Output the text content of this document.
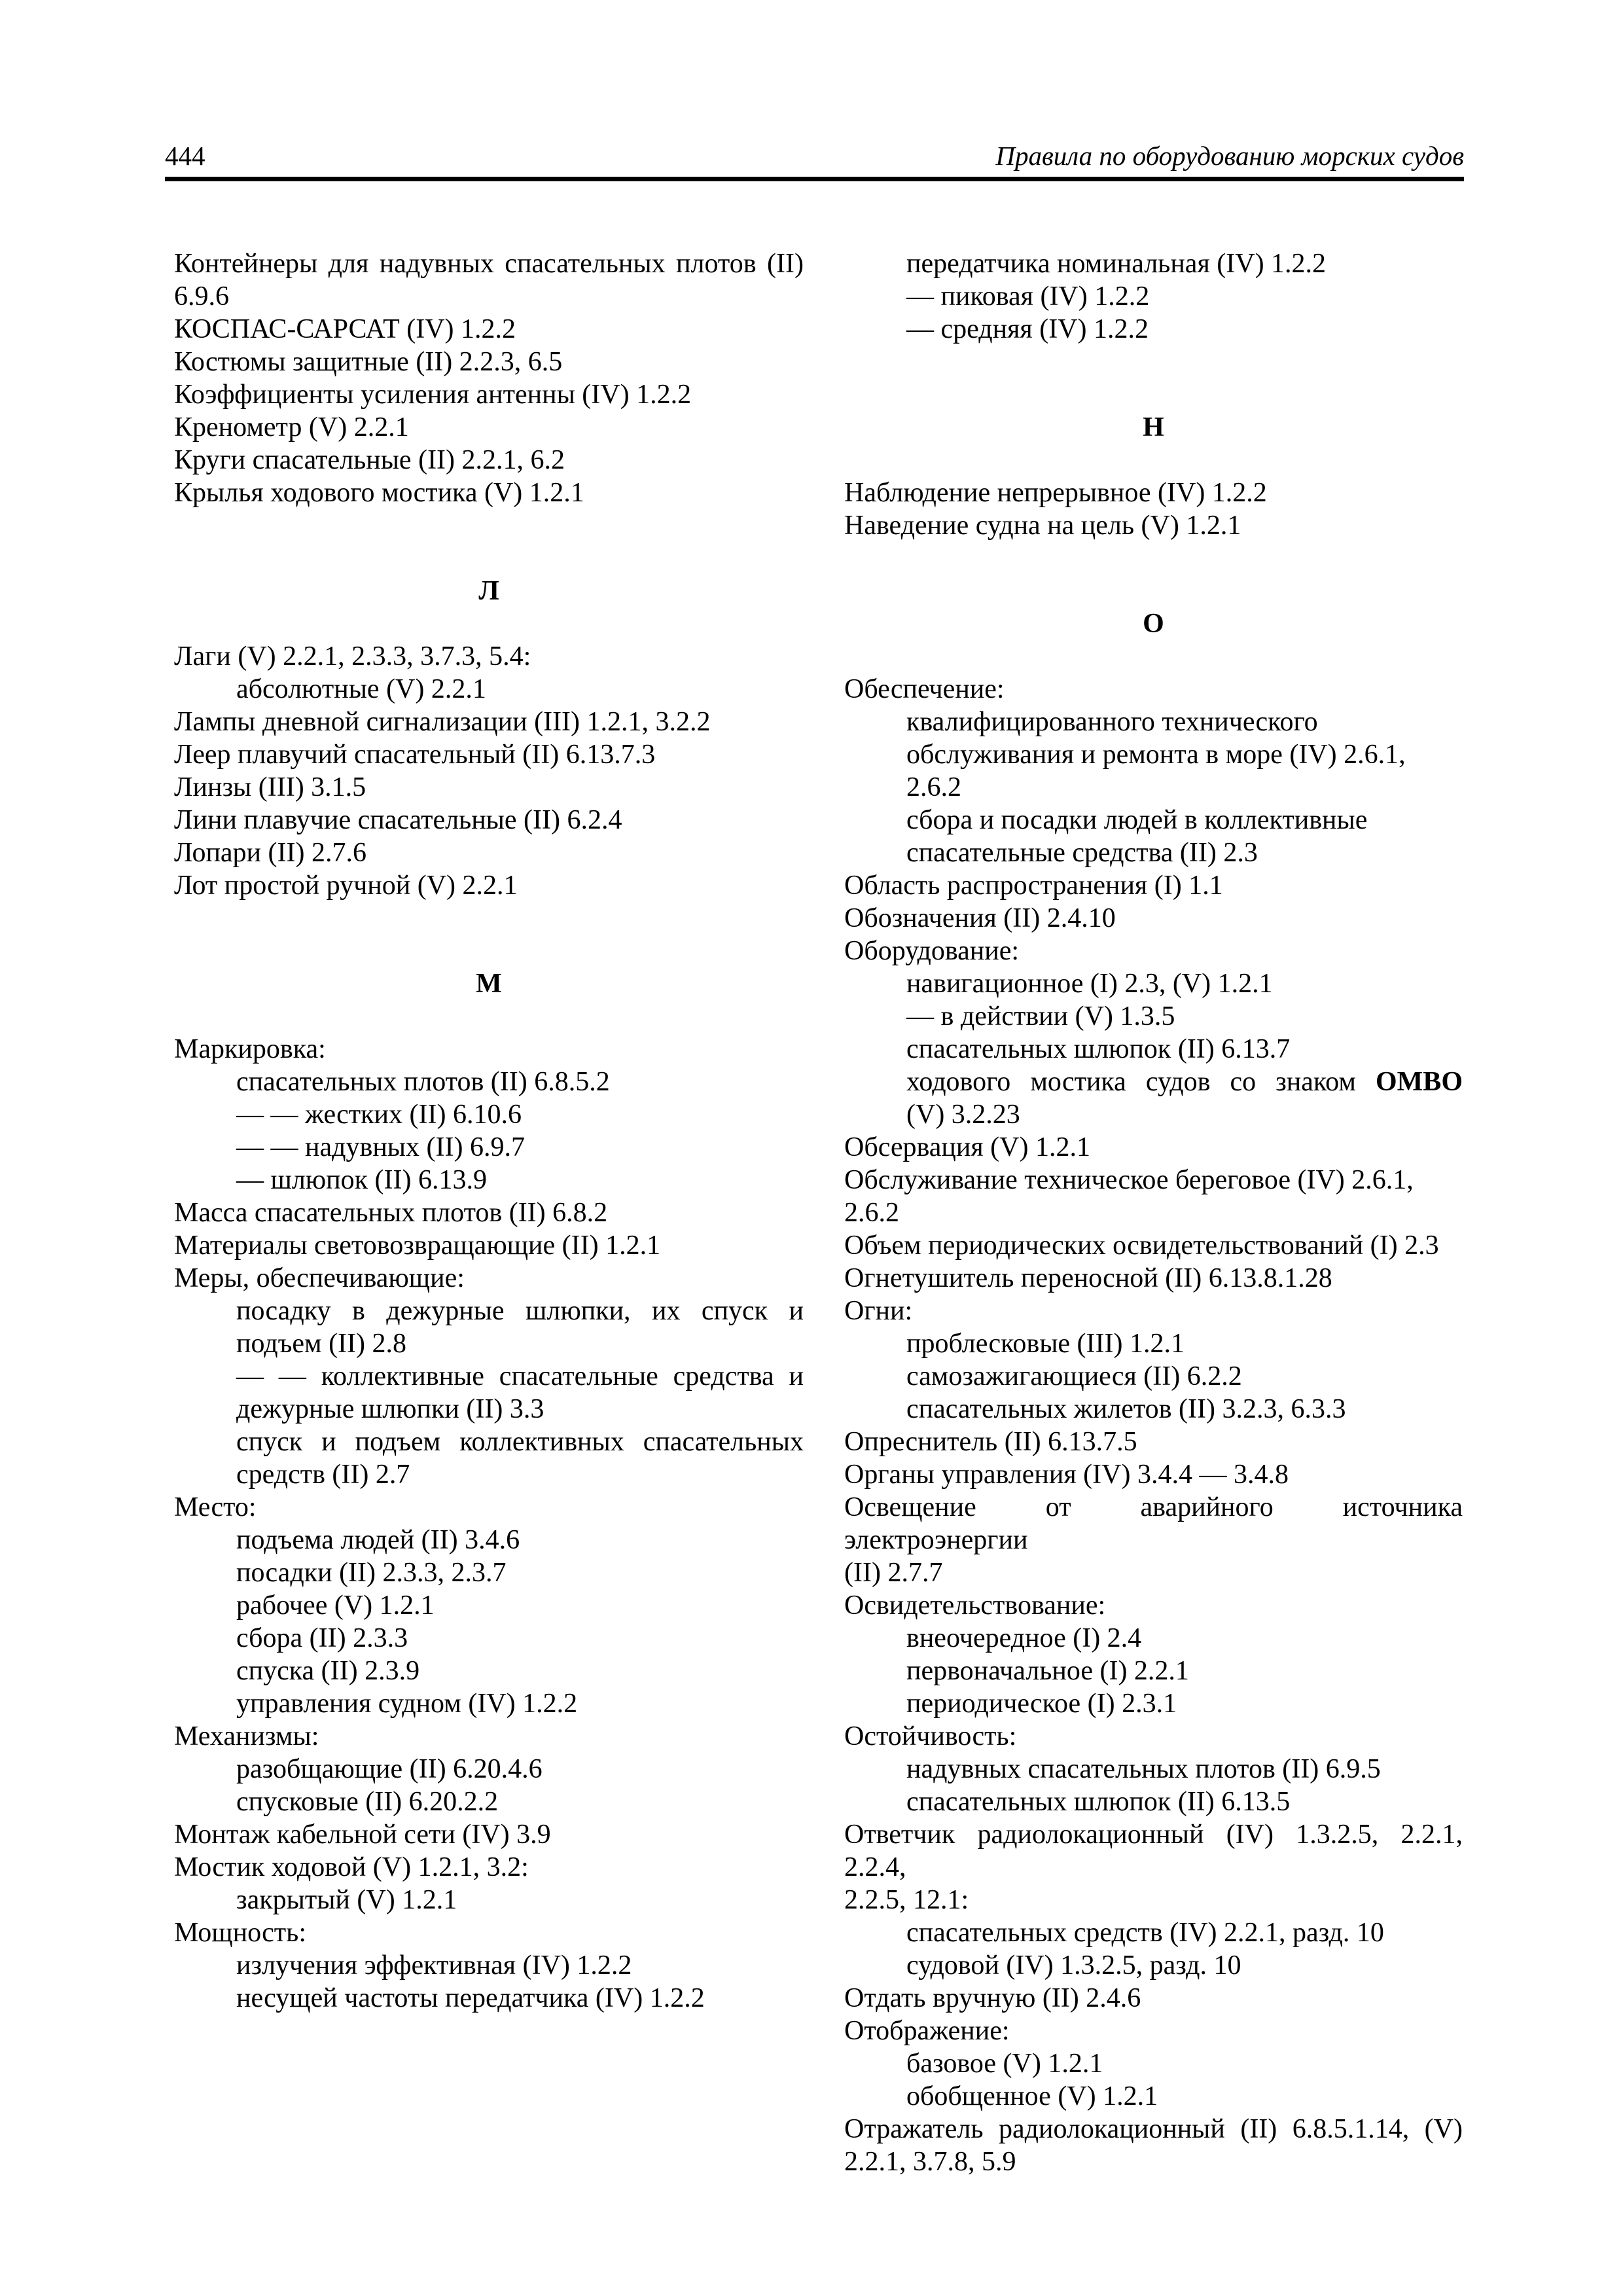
444	Правила по оборудованию морских судов
Контейнеры для надувных спасательных плотов (II)
6.9.6
КОСПАС-САРСАТ (IV) 1.2.2
Костюмы защитные (II) 2.2.3, 6.5
Коэффициенты усиления антенны (IV) 1.2.2
Кренометр (V) 2.2.1
Круги спасательные (II) 2.2.1, 6.2
Крылья ходового мостика (V) 1.2.1
Л
Лаги (V) 2.2.1, 2.3.3, 3.7.3, 5.4:
абсолютные (V) 2.2.1
Лампы дневной сигнализации (III) 1.2.1, 3.2.2
Леер плавучий спасательный (II) 6.13.7.3
Линзы (III) 3.1.5
Лини плавучие спасательные (II) 6.2.4
Лопари (II) 2.7.6
Лот простой ручной (V) 2.2.1
М
Маркировка:
спасательных плотов (II) 6.8.5.2
— — жестких (II) 6.10.6
— — надувных (II) 6.9.7
— шлюпок (II) 6.13.9
Масса спасательных плотов (II) 6.8.2
Материалы световозвращающие (II) 1.2.1
Меры, обеспечивающие:
посадку в дежурные шлюпки, их спуск и
подъем (II) 2.8
— — коллективные спасательные средства и
дежурные шлюпки (II) 3.3
спуск и подъем коллективных спасательных
средств (II) 2.7
Место:
подъема людей (II) 3.4.6
посадки (II) 2.3.3, 2.3.7
рабочее (V) 1.2.1
сбора (II) 2.3.3
спуска (II) 2.3.9
управления судном (IV) 1.2.2
Механизмы:
разобщающие (II) 6.20.4.6
спусковые (II) 6.20.2.2
Монтаж кабельной сети (IV) 3.9
Мостик ходовой (V) 1.2.1, 3.2:
закрытый (V) 1.2.1
Мощность:
излучения эффективная (IV) 1.2.2
несущей частоты передатчика (IV) 1.2.2
передатчика номинальная (IV) 1.2.2
— пиковая (IV) 1.2.2
— средняя (IV) 1.2.2
Н
Наблюдение непрерывное (IV) 1.2.2
Наведение судна на цель (V) 1.2.1
О
Обеспечение:
квалифицированного технического
обслуживания и ремонта в море (IV) 2.6.1, 2.6.2
сбора и посадки людей в коллективные
спасательные средства (II) 2.3
Область распространения (I) 1.1
Обозначения (II) 2.4.10
Оборудование:
навигационное (I) 2.3, (V) 1.2.1
— в действии (V) 1.3.5
спасательных шлюпок (II) 6.13.7
ходового мостика судов со знаком ОМВО
(V) 3.2.23
Обсервация (V) 1.2.1
Обслуживание техническое береговое (IV) 2.6.1, 2.6.2
Объем периодических освидетельствований (I) 2.3
Огнетушитель переносной (II) 6.13.8.1.28
Огни:
проблесковые (III) 1.2.1
самозажигающиеся (II) 6.2.2
спасательных жилетов (II) 3.2.3, 6.3.3
Опреснитель (II) 6.13.7.5
Органы управления (IV) 3.4.4 — 3.4.8
Освещение от аварийного источника электроэнергии
(II) 2.7.7
Освидетельствование:
внеочередное (I) 2.4
первоначальное (I) 2.2.1
периодическое (I) 2.3.1
Остойчивость:
надувных спасательных плотов (II) 6.9.5
спасательных шлюпок (II) 6.13.5
Ответчик радиолокационный (IV) 1.3.2.5, 2.2.1, 2.2.4,
2.2.5, 12.1:
спасательных средств (IV) 2.2.1, разд. 10
судовой (IV) 1.3.2.5, разд. 10
Отдать вручную (II) 2.4.6
Отображение:
базовое (V) 1.2.1
обобщенное (V) 1.2.1
Отражатель радиолокационный (II) 6.8.5.1.14, (V)
2.2.1, 3.7.8, 5.9
